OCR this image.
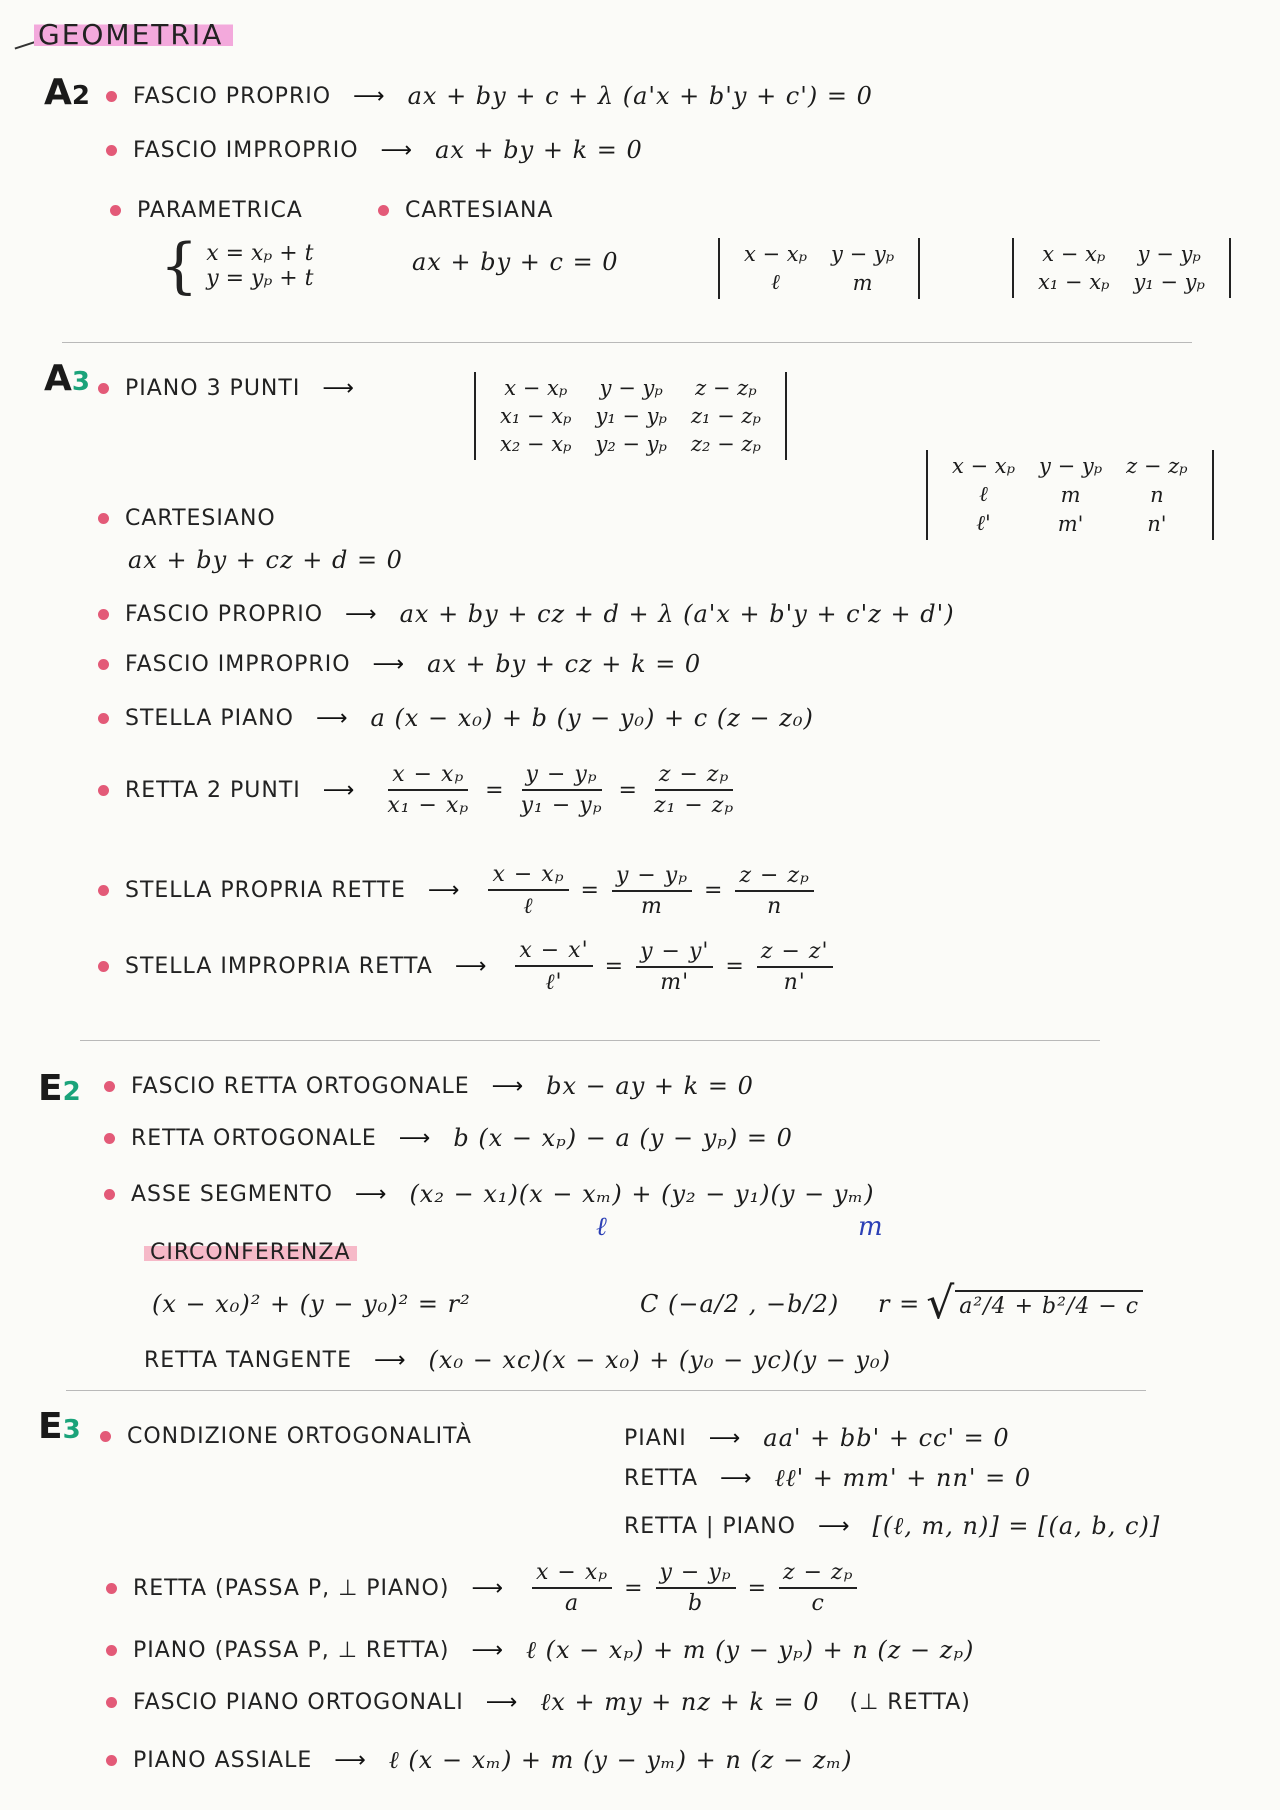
GEOMETRIA
A2 FASCIO PROPRIO ⟶ ax + by + c + λ (a'x + b'y + c') = 0
FASCIO IMPROPRIO ⟶ ax + by + k = 0
PARAMETRICA	CARTESIANA
{ x = xₚ + t
y = yₚ + t
ax + by + c = 0	x − xₚ	y − yₚ
ℓ	m
x − xₚ	y − yₚ
x₁ − xₚ	y₁ − yₚ
A3 PIANO 3 PUNTI ⟶	x − xₚ	y − yₚ	z − zₚ
x₁ − xₚ	y₁ − yₚ	z₁ − zₚ
x₂ − xₚ	y₂ − yₚ	z₂ − zₚ
x − xₚ	y − yₚ	z − zₚ
ℓ	m	n
ℓ'	m'	n'
CARTESIANO
ax + by + cz + d = 0
FASCIO PROPRIO ⟶ ax + by + cz + d + λ (a'x + b'y + c'z + d')
FASCIO IMPROPRIO ⟶ ax + by + cz + k = 0
STELLA PIANO ⟶ a (x − x₀) + b (y − y₀) + c (z − z₀)
RETTA 2 PUNTI ⟶ $\frac{\text{x − xₚ}}{\text{x₁ − xₚ}} = \frac{\text{y − yₚ}}{\text{y₁ − yₚ}} = \frac{\text{z − zₚ}}{\text{z₁ − zₚ}}$
STELLA PROPRIA RETTE ⟶ $\frac{\text{x − xₚ}}{\text{ℓ}} = \frac{\text{y − yₚ}}{m} = \frac{\text{z − zₚ}}{n}$
STELLA IMPROPRIA RETTA ⟶ $\frac{x - x'}{\text{ℓ'}} = \frac{y - y'}{m'} = \frac{z - z'}{n'}$
E2 FASCIO RETTA ORTOGONALE ⟶ bx − ay + k = 0
RETTA ORTOGONALE ⟶ b (x − xₚ) − a (y − yₚ) = 0
ASSE SEGMENTO ⟶ (x₂ − x₁)(x − xₘ) + (y₂ − y₁)(y − yₘ)
ℓ	m
CIRCONFERENZA
(x − x₀)² + (y − y₀)² = r²	C (−a/2 , −b/2) r = √ a²/4 + b²/4 − c
RETTA TANGENTE ⟶ (x₀ − xc)(x − x₀) + (y₀ − yc)(y − y₀)
E3 CONDIZIONE ORTOGONALITÀ	PIANI ⟶ aa' + bb' + cc' = 0
RETTA ⟶ ℓℓ' + mm' + nn' = 0
RETTA | PIANO ⟶ [(ℓ, m, n)] = [(a, b, c)]
RETTA (PASSA P, ⊥ PIANO) ⟶ $\frac{\text{x − xₚ}}{a} = \frac{\text{y − yₚ}}{b} = \frac{\text{z − zₚ}}{c}$
PIANO (PASSA P, ⊥ RETTA) ⟶ ℓ (x − xₚ) + m (y − yₚ) + n (z − zₚ)
FASCIO PIANO ORTOGONALI ⟶ ℓx + my + nz + k = 0 (⊥ RETTA)
PIANO ASSIALE ⟶ ℓ (x − xₘ) + m (y − yₘ) + n (z − zₘ)
